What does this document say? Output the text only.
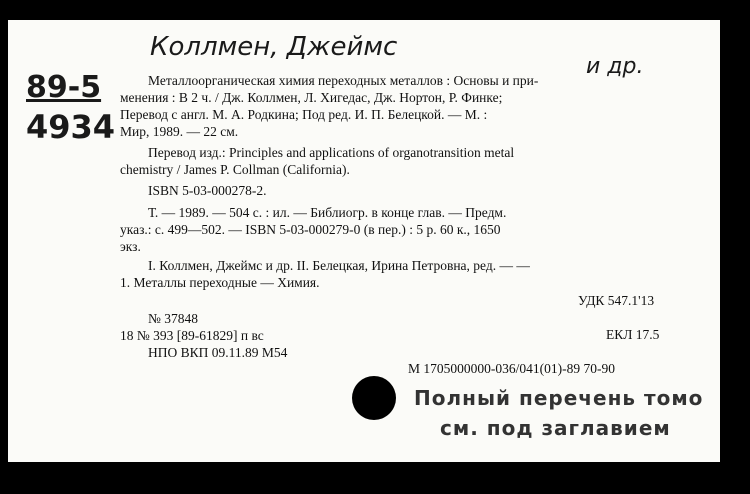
Коллмен, Джеймс
и др.
89-5
4934
Металлоорганическая химия переходных металлов : Основы и при-
менения : В 2 ч. / Дж. Коллмен, Л. Хигедас, Дж. Нортон, Р. Финке;
Перевод с англ. М. А. Родкина; Под ред. И. П. Белецкой. — М. :
Мир, 1989. — 22 см.
Перевод изд.: Principles and applications of organotransition metal
chemistry / James P. Collman (California).
ISBN 5-03-000278-2.
Т. — 1989. — 504 с. : ил. — Библиогр. в конце глав. — Предм.
указ.: с. 499—502. — ISBN 5-03-000279-0 (в пер.) : 5 р. 60 к., 1650
экз.
I. Коллмен, Джеймс и др. II. Белецкая, Ирина Петровна, ред. — —
1. Металлы переходные — Химия.
УДК 547.1'13
№ 37848
18 № 393 [89-61829] п вс	ЕКЛ 17.5
НПО ВКП 09.11.89 М54
М 1705000000-036/041(01)-89 70-90
Полный перечень томо
см. под заглавием
